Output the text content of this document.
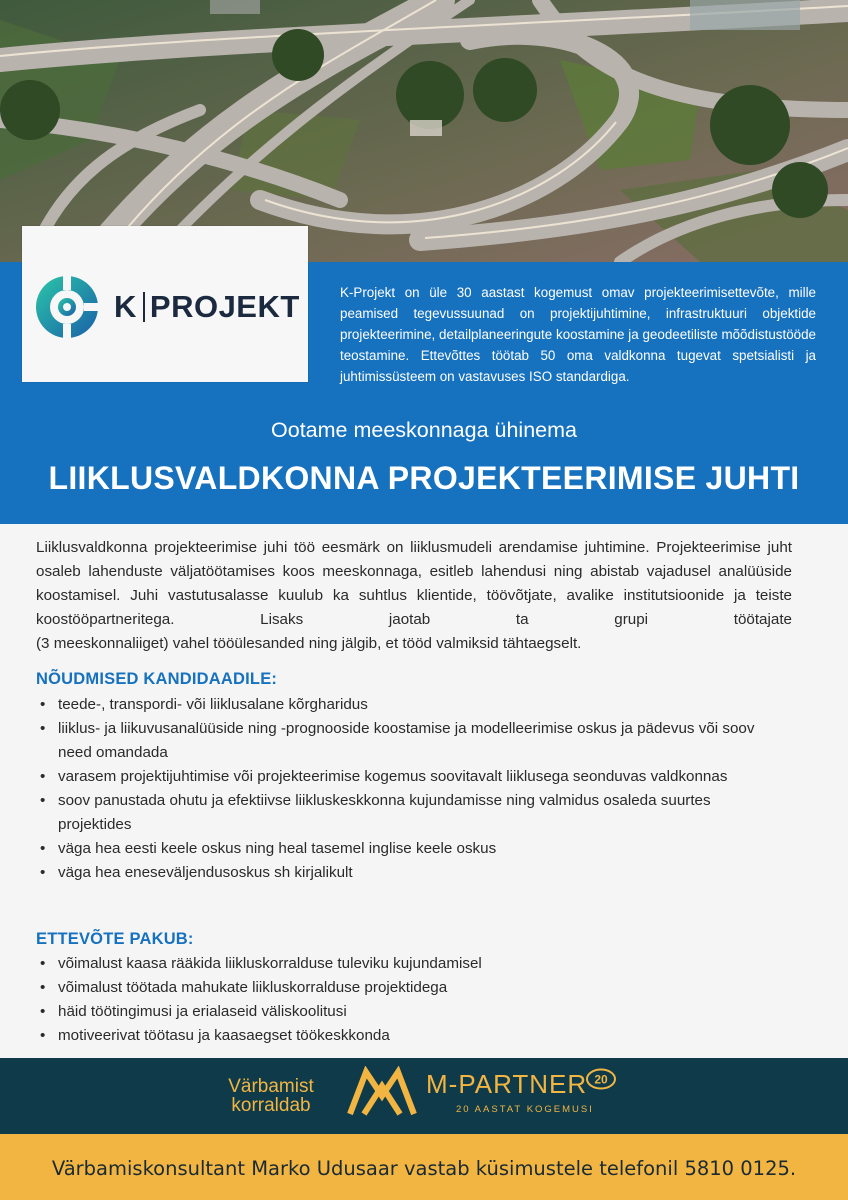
K PROJEKT	K-Projekt on üle 30 aastast kogemust omav projekteerimisettevõte, mille peamised tegevussuunad on projektijuhtimine, infrastruktuuri objektide projekteerimine, detailplaneeringute koostamine ja geodeetiliste mõõdistustööde teostamine. Ettevõttes töötab 50 oma valdkonna tugevat spetsialisti ja juhtimissüsteem on vastavuses ISO standardiga.

Ootame meeskonnaga ühinema
LIIKLUSVALDKONNA PROJEKTEERIMISE JUHTI
Liiklusvaldkonna projekteerimise juhi töö eesmärk on liiklusmudeli arendamise juhtimine. Projekteerimise juht osaleb lahenduste väljatöötamises koos meeskonnaga, esitleb lahendusi ning abistab vajadusel analüüside koostamisel. Juhi vastutusalasse kuulub ka suhtlus klientide, töövõtjate, avalike institutsioonide ja teiste koostööpartneritega. Lisaks jaotab ta grupi töötajate
(3 meeskonnaliiget) vahel tööülesanded ning jälgib, et tööd valmiksid tähtaegselt.
NÕUDMISED KANDIDAADILE:
• teede-, transpordi- või liiklusalane kõrgharidus
• liiklus- ja liikuvusanalüüside ning -prognooside koostamise ja modelleerimise oskus ja pädevus või soov need omandada
• varasem projektijuhtimise või projekteerimise kogemus soovitavalt liiklusega seonduvas valdkonnas
• soov panustada ohutu ja efektiivse liikluskeskkonna kujundamisse ning valmidus osaleda suurtes projektides
• väga hea eesti keele oskus ning heal tasemel inglise keele oskus
• väga hea eneseväljendusoskus sh kirjalikult
ETTEVÕTE PAKUB:
• võimalust kaasa rääkida liikluskorralduse tuleviku kujundamisel
• võimalust töötada mahukate liikluskorralduse projektidega
• häid töötingimusi ja erialaseid väliskoolitusi
• motiveerivat töötasu ja kaasaegset töökeskkonda
Värbamist
korraldab
M-PARTNER 20
20 AASTAT KOGEMUSI
Värbamiskonsultant Marko Udusaar vastab küsimustele telefonil 5810 0125.
